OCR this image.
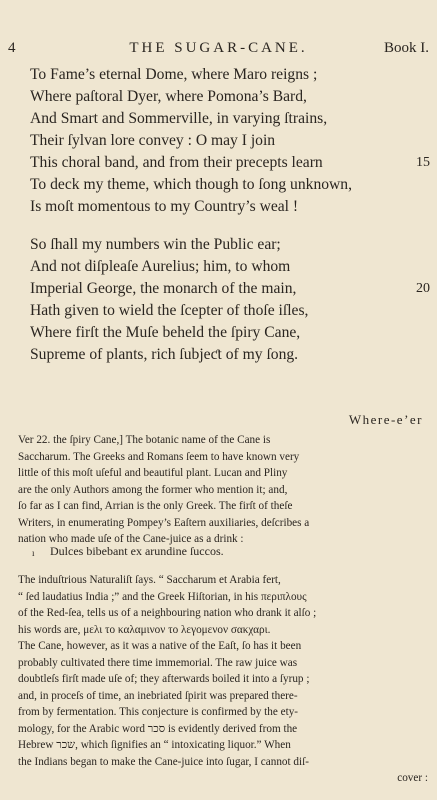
4	THE SUGAR-CANE.	Book I.
To Fame’s eternal Dome, where Maro reigns ;
Where paſtoral Dyer, where Pomona’s Bard,
And Smart and Sommerville, in varying ſtrains,
Their ſylvan lore convey : O may I join
This choral band, and from their precepts learn	15
To deck my theme, which though to ſong unknown,
Is moſt momentous to my Country’s weal !
So ſhall my numbers win the Public ear;
And not diſpleaſe Aurelius; him, to whom
Imperial George, the monarch of the main,	20
Hath given to wield the ſcepter of thoſe iſles,
Where firſt the Muſe beheld the ſpiry Cane,
Supreme of plants, rich ſubjeƈt of my ſong.
Where-e’er
Ver 22. the ſpiry Cane,] The botanic name of the Cane is
Saccharum. The Greeks and Romans ſeem to have known very
little of this moſt uſeful and beautiful plant. Lucan and Pliny
are the only Authors among the former who mention it; and,
ſo far as I can find, Arrian is the only Greek. The firſt of theſe
Writers, in enumerating Pompey’s Eaſtern auxiliaries, deſcribes a
nation who made uſe of the Cane-juice as a drink :
ı Dulces bibebant ex arundine ſuccos.
The induſtrious Naturaliſt ſays. “ Saccharum et Arabia fert,
“ ſed laudatius India ;” and the Greek Hiſtorian, in his περιπλους
of the Red-ſea, tells us of a neighbouring nation who drank it alſo ;
his words are, μελι το καλαμινον το λεγομενον σακχαρι.
The Cane, however, as it was a native of the Eaſt, ſo has it been
probably cultivated there time immemorial. The raw juice was
doubtleſs firſt made uſe of; they afterwards boiled it into a ſyrup ;
and, in proceſs of time, an inebriated ſpirit was prepared there-
from by fermentation. This conjecture is confirmed by the ety-
mology, for the Arabic word סכר is evidently derived from the
Hebrew שכר, which ſignifies an “ intoxicating liquor.” When
the Indians began to make the Cane-juice into ſugar, I cannot diſ-
cover :
